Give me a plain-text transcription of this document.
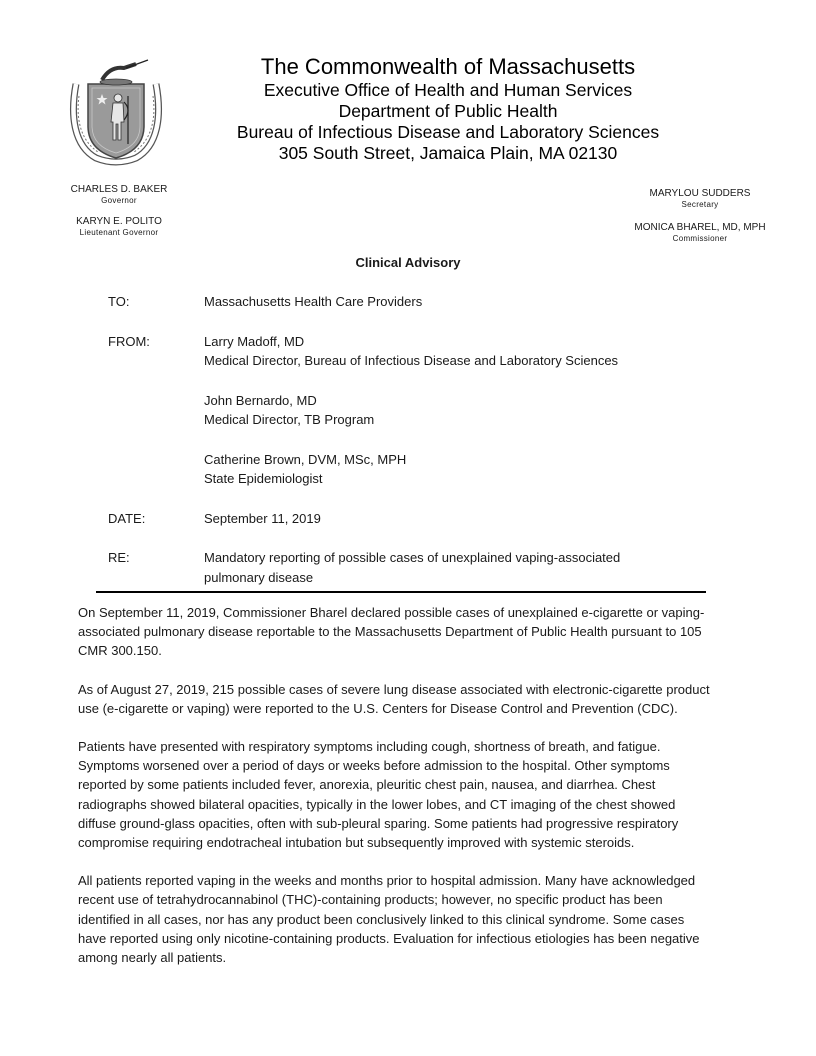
The Commonwealth of Massachusetts
Executive Office of Health and Human Services
Department of Public Health
Bureau of Infectious Disease and Laboratory Sciences
305 South Street, Jamaica Plain, MA 02130
CHARLES D. BAKER
Governor
KARYN E. POLITO
Lieutenant Governor
MARYLOU SUDDERS
Secretary
MONICA BHAREL, MD, MPH
Commissioner
Clinical Advisory
TO:	Massachusetts Health Care Providers
FROM:	Larry Madoff, MD
Medical Director, Bureau of Infectious Disease and Laboratory Sciences
John Bernardo, MD
Medical Director, TB Program
Catherine Brown, DVM, MSc, MPH
State Epidemiologist
DATE:	September 11, 2019
RE:	Mandatory reporting of possible cases of unexplained vaping-associated
pulmonary disease

On September 11, 2019, Commissioner Bharel declared possible cases of unexplained e-cigarette or vaping-associated pulmonary disease reportable to the Massachusetts Department of Public Health pursuant to 105 CMR 300.150.

As of August 27, 2019, 215 possible cases of severe lung disease associated with electronic-cigarette product use (e-cigarette or vaping) were reported to the U.S. Centers for Disease Control and Prevention (CDC).

Patients have presented with respiratory symptoms including cough, shortness of breath, and fatigue. Symptoms worsened over a period of days or weeks before admission to the hospital. Other symptoms reported by some patients included fever, anorexia, pleuritic chest pain, nausea, and diarrhea. Chest radiographs showed bilateral opacities, typically in the lower lobes, and CT imaging of the chest showed diffuse ground-glass opacities, often with sub-pleural sparing. Some patients had progressive respiratory compromise requiring endotracheal intubation but subsequently improved with systemic steroids.

All patients reported vaping in the weeks and months prior to hospital admission. Many have acknowledged recent use of tetrahydrocannabinol (THC)-containing products; however, no specific product has been identified in all cases, nor has any product been conclusively linked to this clinical syndrome. Some cases have reported using only nicotine-containing products. Evaluation for infectious etiologies has been negative among nearly all patients.
